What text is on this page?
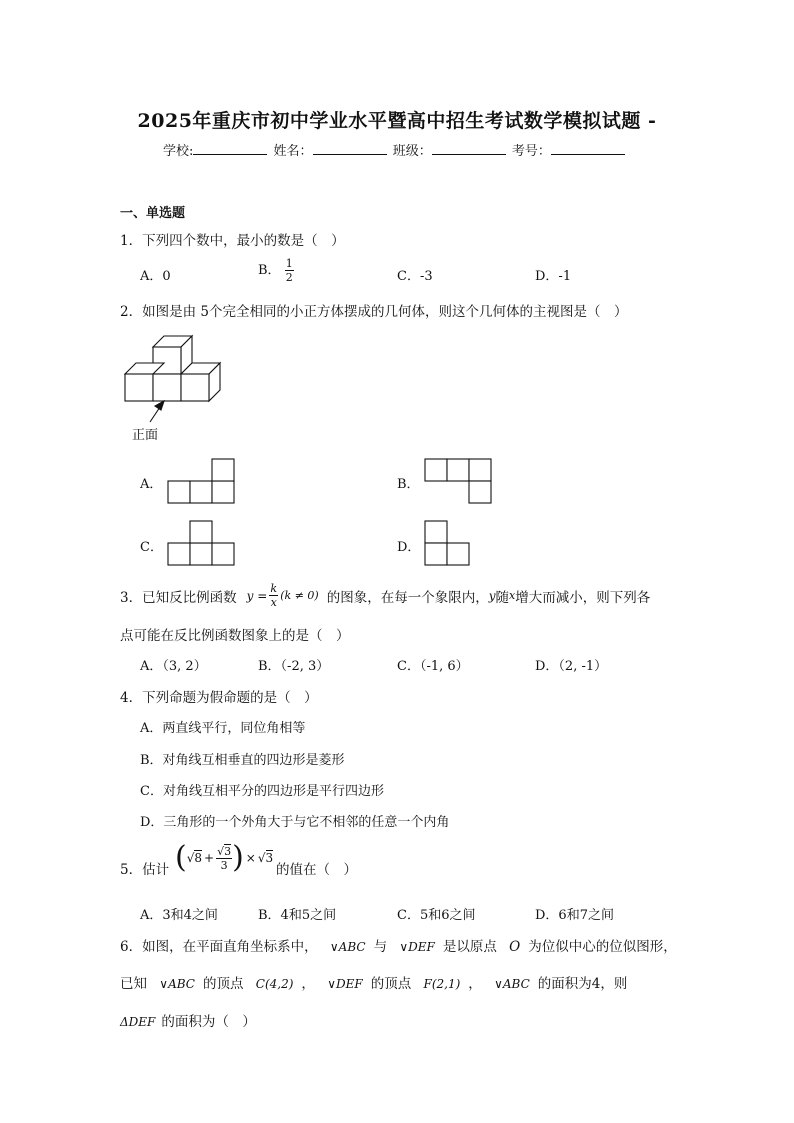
2025年重庆市初中学业水平暨高中招生考试数学模拟试题 -
学校:	姓名：	班级：	考号：
一、单选题
1．下列四个数中，最小的数是（　）
A．0	B． $\frac{1}{2}$	C．-3	D．-1
2．如图是由 5个完全相同的小正方体摆成的几何体，则这个几何体的主视图是（　）
正面
A．	B．
C．	D．
3．已知反比例函数 $y = \frac{k}{x} (k \ne 0)$ 的图象，在每一个象限内， y 随 x 增大而减小，则下列各
点可能在反比例函数图象上的是（　）
A．（3, 2）	B．（-2, 3）	C．（-1, 6）	D．（2, -1）
4．下列命题为假命题的是（　）
A．两直线平行，同位角相等
B．对角线互相垂直的四边形是菱形
C．对角线互相平分的四边形是平行四边形
D．三角形的一个外角大于与它不相邻的任意一个内角
5．估计 ( $√8 + \frac{√3}{3}$ ) × √3
的值在（　）
A．3和4之间	B．4和5之间	C．5和6之间	D．6和7之间
6．如图，在平面直角坐标系中， ∨ABC 与 ∨DEF 是以原点 O 为位似中心的位似图形，
已知 ∨ABC 的顶点 C(4,2) ， ∨DEF 的顶点 F(2,1) ， ∨ABC 的面积为4，则
ΔDEF 的面积为（　）
